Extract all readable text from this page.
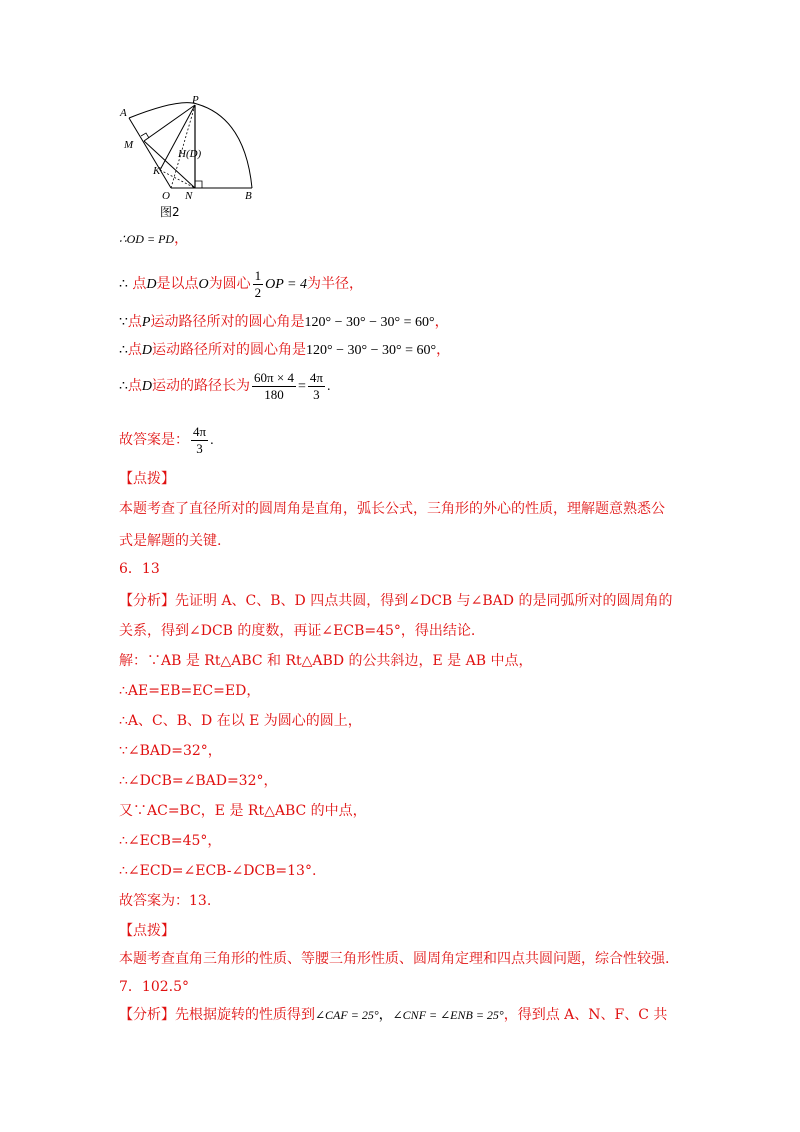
A
P
M
H(D)
K
O N	B
图2
∴OD = PD，
∴ 点D是以点O为圆心 $\frac{1}{2}$ OP = 4为半径，
∵点P运动路径所对的圆心角是120° − 30° − 30° = 60°，
∴点D运动路径所对的圆心角是120° − 30° − 30° = 60°，
∴点D运动的路径长为 $\frac{60\pi \times 4}{180} = \frac{4\pi}{3}$ .
故答案是： $\frac{4\pi}{3}$ .
【点拨】
本题考查了直径所对的圆周角是直角，弧长公式，三角形的外心的性质，理解题意熟悉公
式是解题的关键.
6．13
【分析】先证明 A、C、B、D 四点共圆，得到∠DCB 与∠BAD 的是同弧所对的圆周角的
关系，得到∠DCB 的度数，再证∠ECB=45°，得出结论.
解：∵AB 是 Rt△ABC 和 Rt△ABD 的公共斜边，E 是 AB 中点，
∴AE=EB=EC=ED，
∴A、C、B、D 在以 E 为圆心的圆上，
∵∠BAD=32°，
∴∠DCB=∠BAD=32°，
又∵AC=BC，E 是 Rt△ABC 的中点，
∴∠ECB=45°，
∴∠ECD=∠ECB-∠DCB=13°.
故答案为：13.
【点拨】
本题考查直角三角形的性质、等腰三角形性质、圆周角定理和四点共圆问题，综合性较强.
7．102.5°
【分析】先根据旋转的性质得到∠CAF = 25°，∠CNF = ∠ENB = 25°，得到点 A、N、F、C 共
